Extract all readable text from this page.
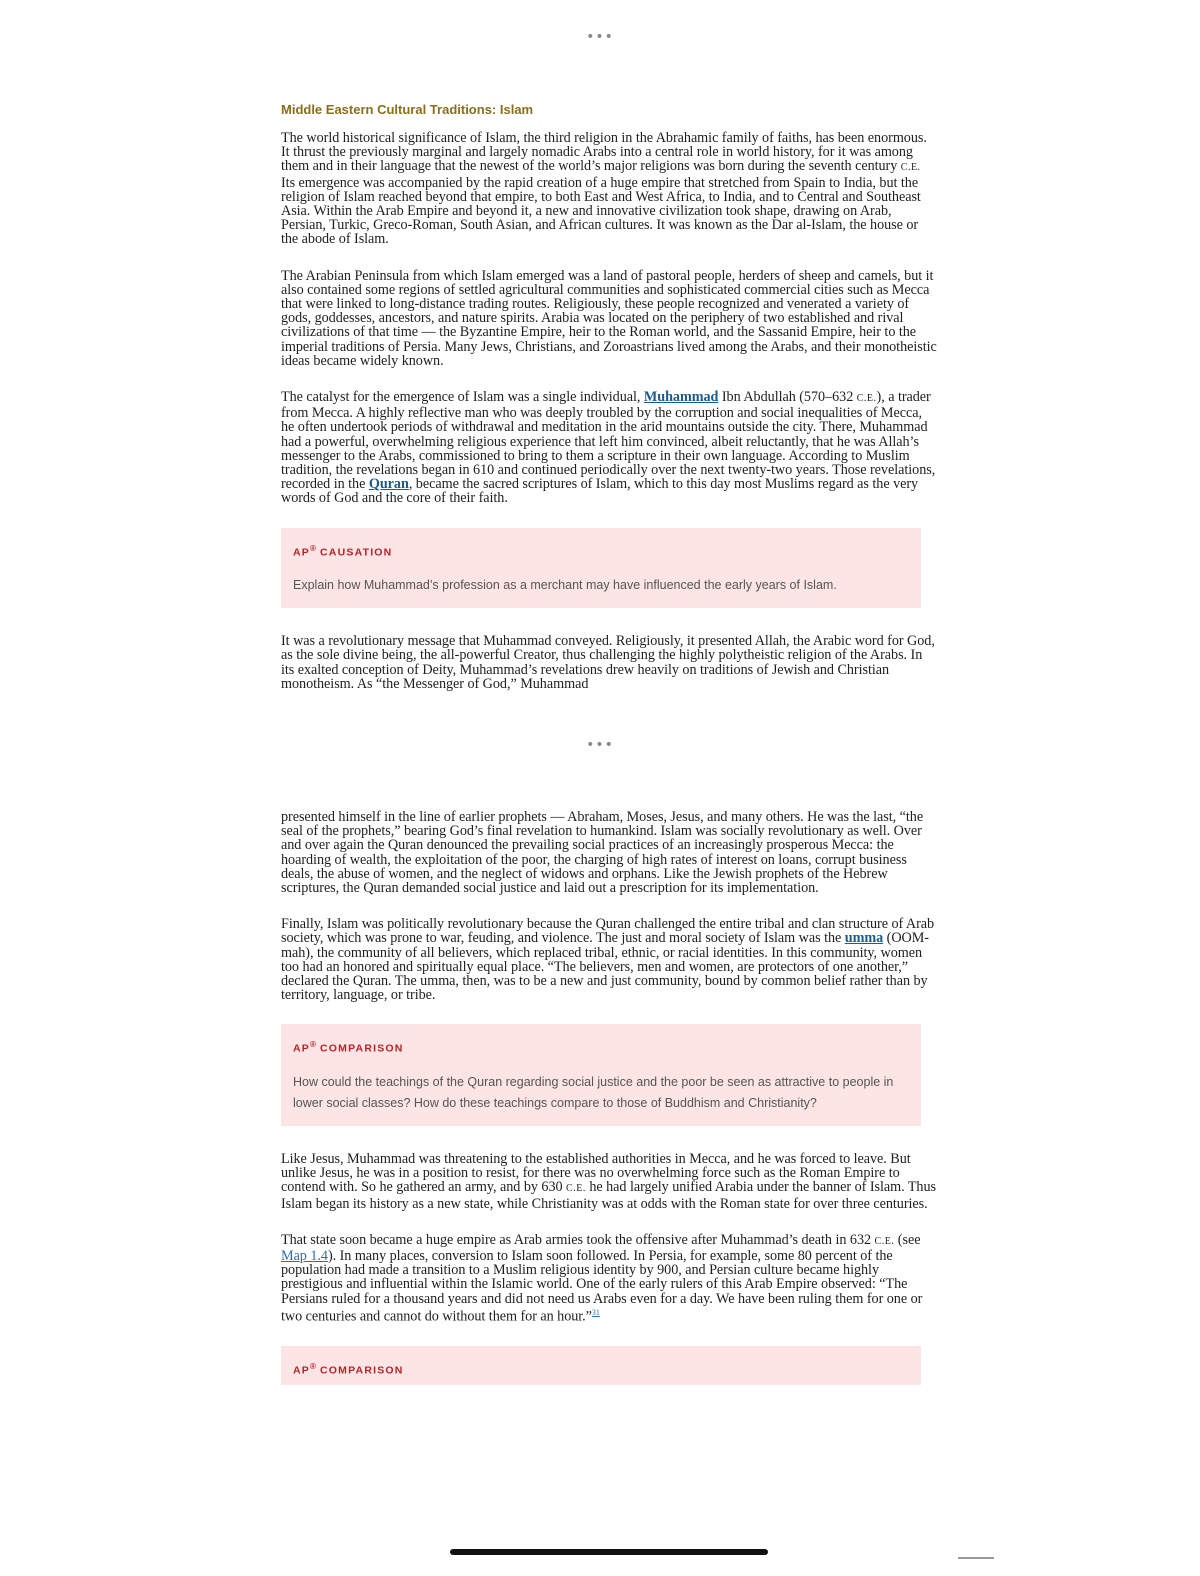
•••
Middle Eastern Cultural Traditions: Islam

The world historical significance of Islam, the third religion in the Abrahamic family of faiths, has been enormous. It thrust the previously marginal and largely nomadic Arabs into a central role in world history, for it was among them and in their language that the newest of the world’s major religions was born during the seventh century C.E. Its emergence was accompanied by the rapid creation of a huge empire that stretched from Spain to India, but the religion of Islam reached beyond that empire, to both East and West Africa, to India, and to Central and Southeast Asia. Within the Arab Empire and beyond it, a new and innovative civilization took shape, drawing on Arab, Persian, Turkic, Greco-Roman, South Asian, and African cultures. It was known as the Dar al-Islam, the house or the abode of Islam.

The Arabian Peninsula from which Islam emerged was a land of pastoral people, herders of sheep and camels, but it also contained some regions of settled agricultural communities and sophisticated commercial cities such as Mecca that were linked to long-distance trading routes. Religiously, these people recognized and venerated a variety of gods, goddesses, ancestors, and nature spirits. Arabia was located on the periphery of two established and rival civilizations of that time — the Byzantine Empire, heir to the Roman world, and the Sassanid Empire, heir to the imperial traditions of Persia. Many Jews, Christians, and Zoroastrians lived among the Arabs, and their monotheistic ideas became widely known.

The catalyst for the emergence of Islam was a single individual, Muhammad Ibn Abdullah (570–632 C.E.), a trader from Mecca. A highly reflective man who was deeply troubled by the corruption and social inequalities of Mecca, he often undertook periods of withdrawal and meditation in the arid mountains outside the city. There, Muhammad had a powerful, overwhelming religious experience that left him convinced, albeit reluctantly, that he was Allah’s messenger to the Arabs, commissioned to bring to them a scripture in their own language. According to Muslim tradition, the revelations began in 610 and continued periodically over the next twenty-two years. Those revelations, recorded in the Quran, became the sacred scriptures of Islam, which to this day most Muslims regard as the very words of God and the core of their faith.

AP® CAUSATION
Explain how Muhammad’s profession as a merchant may have influenced the early years of Islam.

It was a revolutionary message that Muhammad conveyed. Religiously, it presented Allah, the Arabic word for God, as the sole divine being, the all-powerful Creator, thus challenging the highly polytheistic religion of the Arabs. In its exalted conception of Deity, Muhammad’s revelations drew heavily on traditions of Jewish and Christian monotheism. As “the Messenger of God,” Muhammad

•••

presented himself in the line of earlier prophets — Abraham, Moses, Jesus, and many others. He was the last, “the seal of the prophets,” bearing God’s final revelation to humankind. Islam was socially revolutionary as well. Over and over again the Quran denounced the prevailing social practices of an increasingly prosperous Mecca: the hoarding of wealth, the exploitation of the poor, the charging of high rates of interest on loans, corrupt business deals, the abuse of women, and the neglect of widows and orphans. Like the Jewish prophets of the Hebrew scriptures, the Quran demanded social justice and laid out a prescription for its implementation.

Finally, Islam was politically revolutionary because the Quran challenged the entire tribal and clan structure of Arab society, which was prone to war, feuding, and violence. The just and moral society of Islam was the umma (OOM-mah), the community of all believers, which replaced tribal, ethnic, or racial identities. In this community, women too had an honored and spiritually equal place. “The believers, men and women, are protectors of one another,” declared the Quran. The umma, then, was to be a new and just community, bound by common belief rather than by territory, language, or tribe.

AP® COMPARISON
How could the teachings of the Quran regarding social justice and the poor be seen as attractive to people in lower social classes? How do these teachings compare to those of Buddhism and Christianity?

Like Jesus, Muhammad was threatening to the established authorities in Mecca, and he was forced to leave. But unlike Jesus, he was in a position to resist, for there was no overwhelming force such as the Roman Empire to contend with. So he gathered an army, and by 630 C.E. he had largely unified Arabia under the banner of Islam. Thus Islam began its history as a new state, while Christianity was at odds with the Roman state for over three centuries.

That state soon became a huge empire as Arab armies took the offensive after Muhammad’s death in 632 C.E. (see Map 1.4). In many places, conversion to Islam soon followed. In Persia, for example, some 80 percent of the population had made a transition to a Muslim religious identity by 900, and Persian culture became highly prestigious and influential within the Islamic world. One of the early rulers of this Arab Empire observed: “The Persians ruled for a thousand years and did not need us Arabs even for a day. We have been ruling them for one or two centuries and cannot do without them for an hour.”$^{31}$

AP® COMPARISON
